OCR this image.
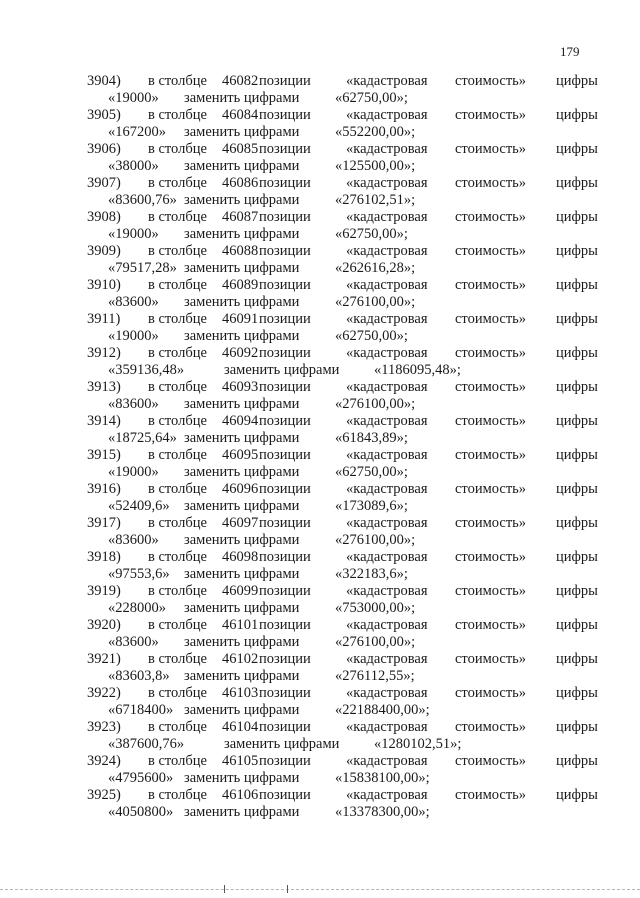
179
3904) в столбце 46082 позиции «кадастровая стоимость» цифры
«19000» заменить цифрами «62750,00»;
3905) в столбце 46084 позиции «кадастровая стоимость» цифры
«167200» заменить цифрами «552200,00»;
3906) в столбце 46085 позиции «кадастровая стоимость» цифры
«38000» заменить цифрами «125500,00»;
3907) в столбце 46086 позиции «кадастровая стоимость» цифры
«83600,76» заменить цифрами «276102,51»;
3908) в столбце 46087 позиции «кадастровая стоимость» цифры
«19000» заменить цифрами «62750,00»;
3909) в столбце 46088 позиции «кадастровая стоимость» цифры
«79517,28» заменить цифрами «262616,28»;
3910) в столбце 46089 позиции «кадастровая стоимость» цифры
«83600» заменить цифрами «276100,00»;
3911) в столбце 46091 позиции «кадастровая стоимость» цифры
«19000» заменить цифрами «62750,00»;
3912) в столбце 46092 позиции «кадастровая стоимость» цифры
«359136,48»	заменить цифрами «1186095,48»;
3913) в столбце 46093 позиции «кадастровая стоимость» цифры
«83600» заменить цифрами «276100,00»;
3914) в столбце 46094 позиции «кадастровая стоимость» цифры
«18725,64» заменить цифрами «61843,89»;
3915) в столбце 46095 позиции «кадастровая стоимость» цифры
«19000» заменить цифрами «62750,00»;
3916) в столбце 46096 позиции «кадастровая стоимость» цифры
«52409,6» заменить цифрами «173089,6»;
3917) в столбце 46097 позиции «кадастровая стоимость» цифры
«83600» заменить цифрами «276100,00»;
3918) в столбце 46098 позиции «кадастровая стоимость» цифры
«97553,6» заменить цифрами «322183,6»;
3919) в столбце 46099 позиции «кадастровая стоимость» цифры
«228000» заменить цифрами «753000,00»;
3920) в столбце 46101 позиции «кадастровая стоимость» цифры
«83600» заменить цифрами «276100,00»;
3921) в столбце 46102 позиции «кадастровая стоимость» цифры
«83603,8» заменить цифрами «276112,55»;
3922) в столбце 46103 позиции «кадастровая стоимость» цифры
«6718400» заменить цифрами «22188400,00»;
3923) в столбце 46104 позиции «кадастровая стоимость» цифры
«387600,76»	заменить цифрами «1280102,51»;
3924) в столбце 46105 позиции «кадастровая стоимость» цифры
«4795600» заменить цифрами «15838100,00»;
3925) в столбце 46106 позиции «кадастровая стоимость» цифры
«4050800» заменить цифрами «13378300,00»;
